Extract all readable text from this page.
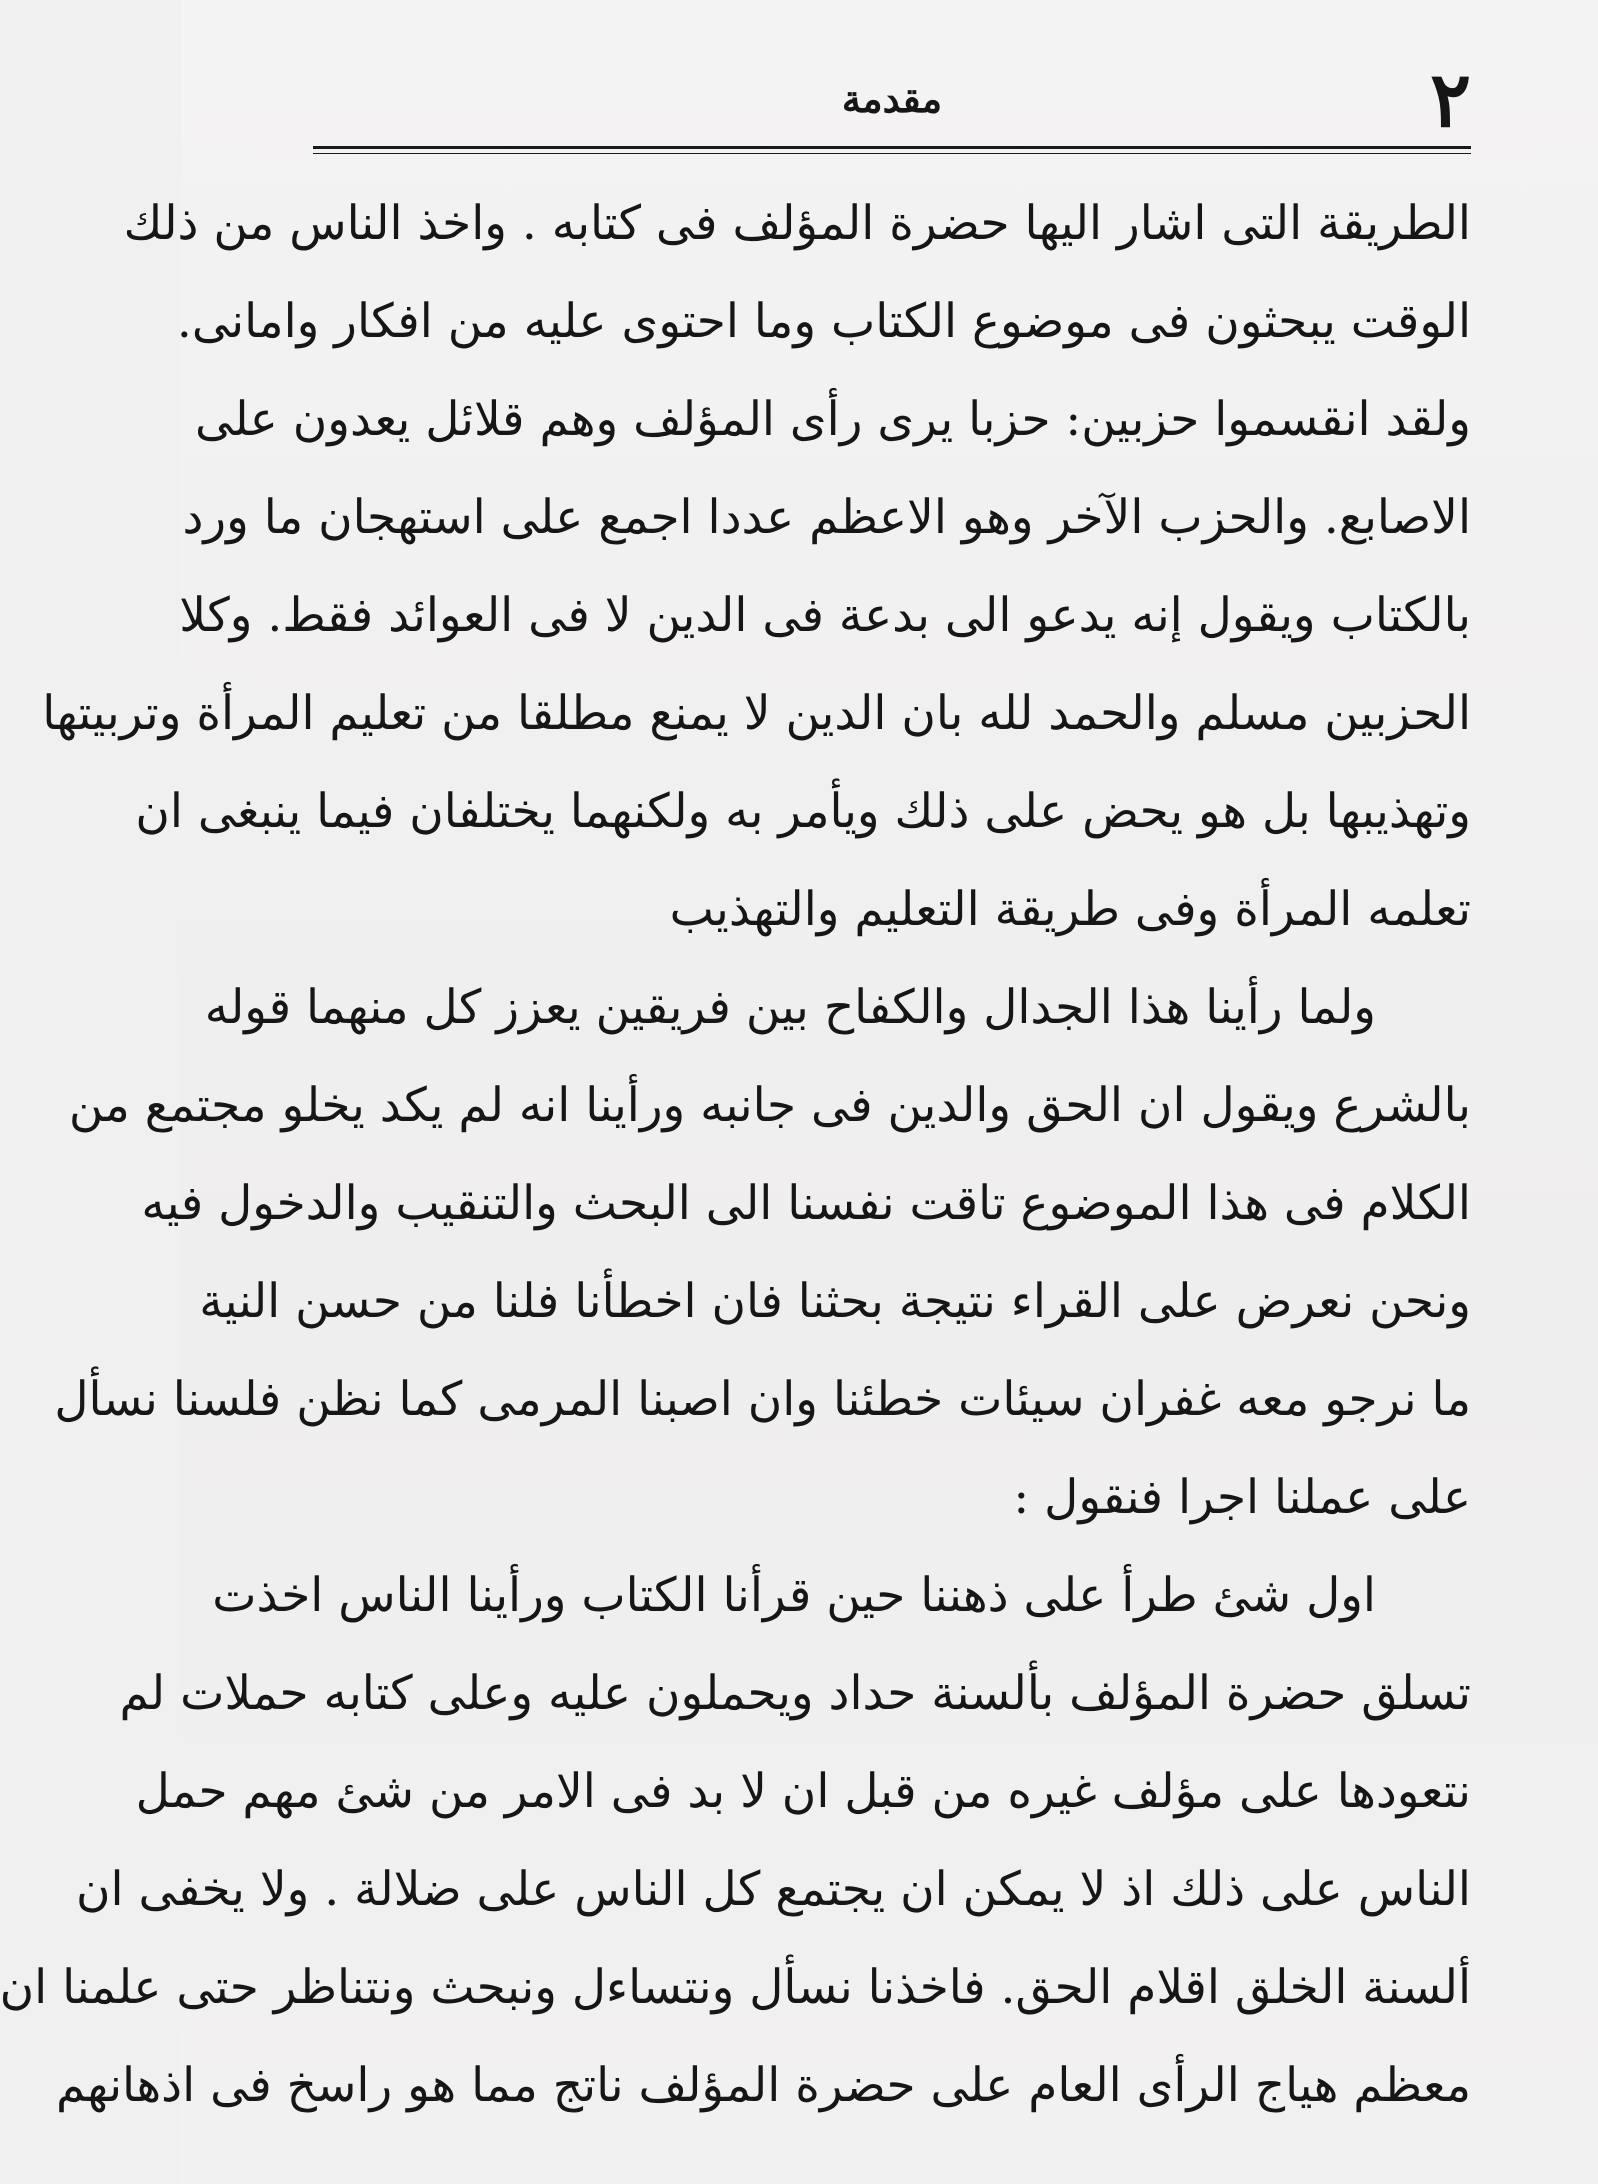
٢
مقدمة
الطريقة التى اشار اليها حضرة المؤلف فى كتابه . واخذ الناس من ذلك
الوقت يبحثون فى موضوع الكتاب وما احتوى عليه من افكار وامانى.
ولقد انقسموا حزبين: حزبا يرى رأى المؤلف وهم قلائل يعدون على
الاصابع. والحزب الآخر وهو الاعظم عددا اجمع على استهجان ما ورد
بالكتاب ويقول إنه يدعو الى بدعة فى الدين لا فى العوائد فقط. وكلا
الحزبين مسلم والحمد لله بان الدين لا يمنع مطلقا من تعليم المرأة وتربيتها
وتهذيبها بل هو يحض على ذلك ويأمر به ولكنهما يختلفان فيما ينبغى ان
تعلمه المرأة وفى طريقة التعليم والتهذيب
ولما رأينا هذا الجدال والكفاح بين فريقين يعزز كل منهما قوله
بالشرع ويقول ان الحق والدين فى جانبه ورأينا انه لم يكد يخلو مجتمع من
الكلام فى هذا الموضوع تاقت نفسنا الى البحث والتنقيب والدخول فيه
ونحن نعرض على القراء نتيجة بحثنا فان اخطأنا فلنا من حسن النية
ما نرجو معه غفران سيئات خطئنا وان اصبنا المرمى كما نظن فلسنا نسأل
على عملنا اجرا فنقول :
اول شئ طرأ على ذهننا حين قرأنا الكتاب ورأينا الناس اخذت
تسلق حضرة المؤلف بألسنة حداد ويحملون عليه وعلى كتابه حملات لم
نتعودها على مؤلف غيره من قبل ان لا بد فى الامر من شئ مهم حمل
الناس على ذلك اذ لا يمكن ان يجتمع كل الناس على ضلالة . ولا يخفى ان
ألسنة الخلق اقلام الحق. فاخذنا نسأل ونتساءل ونبحث ونتناظر حتى علمنا ان
معظم هياج الرأى العام على حضرة المؤلف ناتج مما هو راسخ فى اذهانهم
